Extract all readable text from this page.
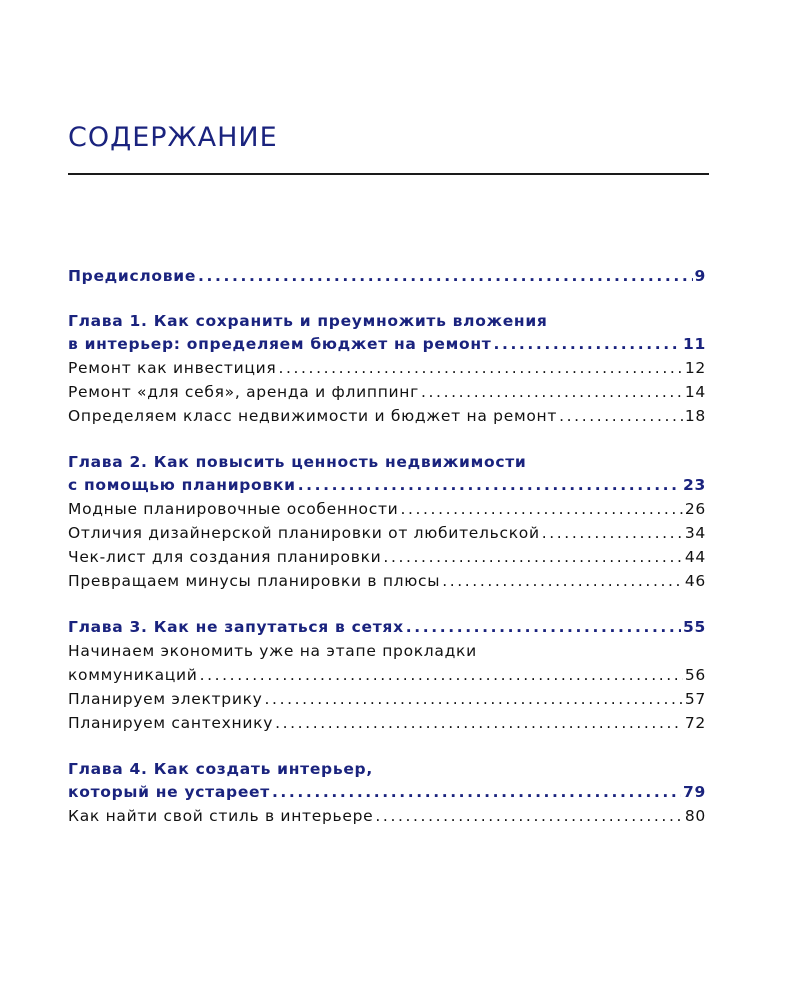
СОДЕРЖАНИЕ
Предисловие .....	9
Глава 1. Как сохранить и преумножить вложения
в интерьер: определяем бюджет на ремонт .....	11
Ремонт как инвестиция .....	12
Ремонт «для себя», аренда и флиппинг .....	14
Определяем класс недвижимости и бюджет на ремонт .....	18
Глава 2. Как повысить ценность недвижимости
с помощью планировки .....	23
Модные планировочные особенности .....	26
Отличия дизайнерской планировки от любительской .....	34
Чек-лист для создания планировки .....	44
Превращаем минусы планировки в плюсы .....	46
Глава 3. Как не запутаться в сетях .....	55
Начинаем экономить уже на этапе прокладки
коммуникаций .....	56
Планируем электрику .....	57
Планируем сантехнику .....	72
Глава 4. Как создать интерьер,
который не устареет .....	79
Как найти свой стиль в интерьере .....	80
